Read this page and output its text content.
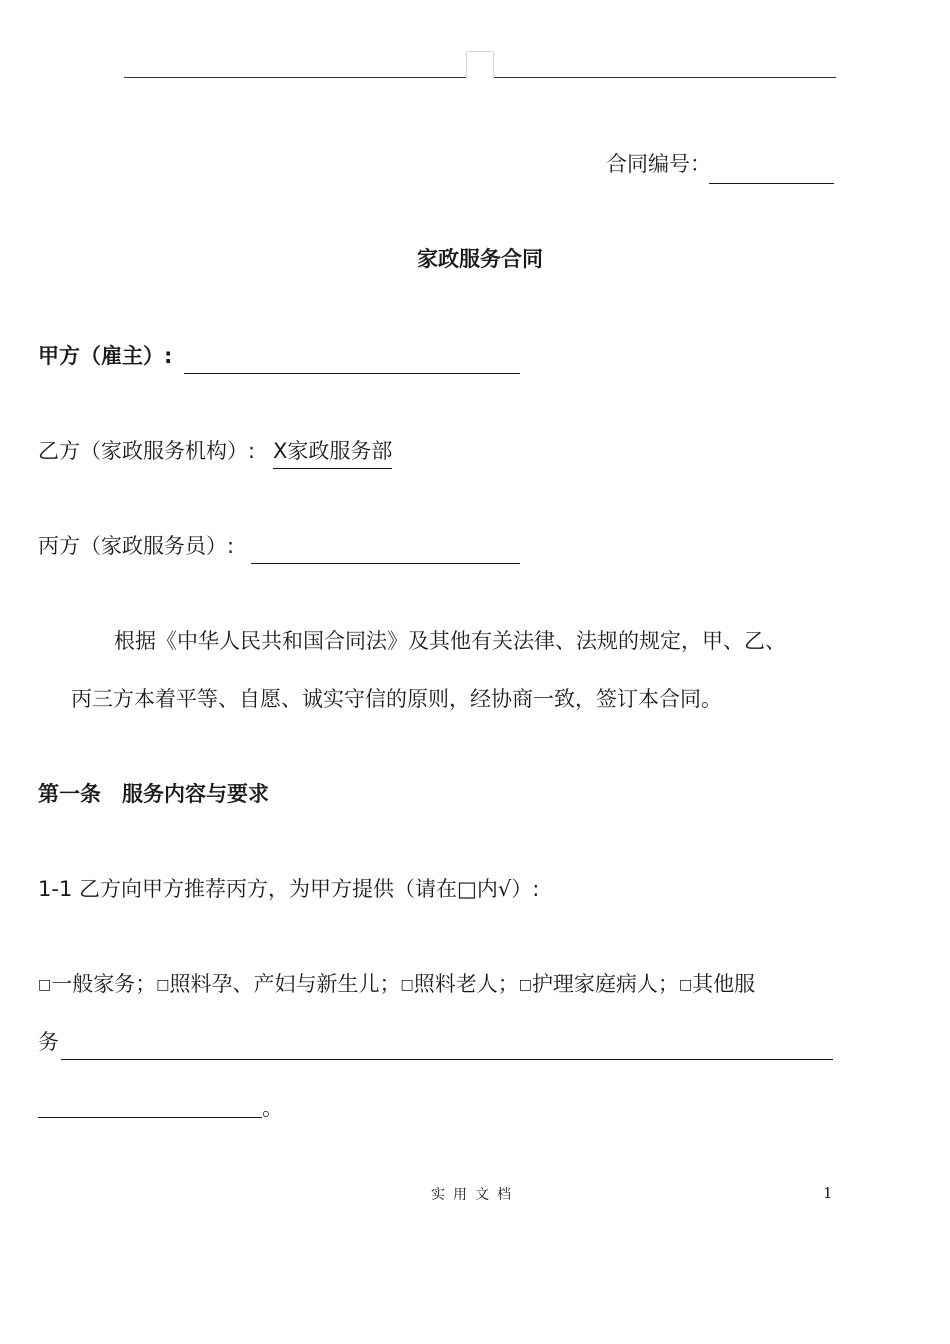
合同编号：
家政服务合同
甲方（雇主）:
乙方（家政服务机构）: X家政服务部
丙方（家政服务员）:
根据《中华人民共和国合同法》及其他有关法律、法规的规定，甲、乙、
丙三方本着平等、自愿、诚实守信的原则，经协商一致，签订本合同。
第一条　服务内容与要求
1-1 乙方向甲方推荐丙方，为甲方提供（请在□内√）:
□一般家务；□照料孕、产妇与新生儿；□照料老人；□护理家庭病人；□其他服
务
。
实用文档	1
